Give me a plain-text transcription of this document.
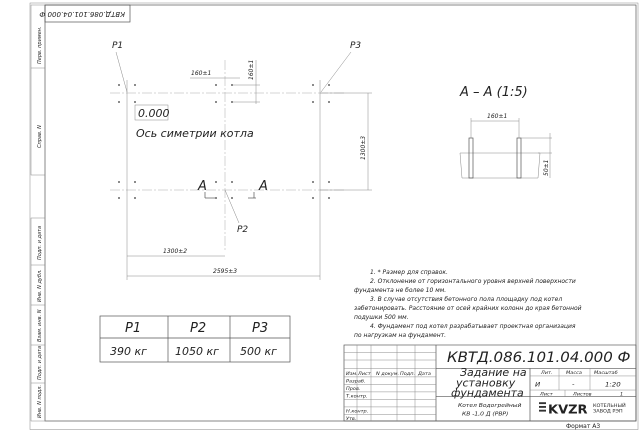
Перв. примен.
Справ. N
Подп. и дата
Инв. N дубл.
Взам. инв. N
Подп. и дата
Инв. N подл.
КВТД.086.101.04.000 Ф
0.000
Ось симетрии котла
P1	P3
P2
A	A
160±1	160±1
1300±3
1300±2
2595±3
А – А (1:5)
160±1
50±1
1. * Размер для справок.
2. Отклонение от горизонтального уровня верхней поверхности
фундамента не более 10 мм.
3. В случае отсутствия бетонного пола площадку под котел
забетонировать. Расстояние от осей крайних колонн до края бетонной
подушки 500 мм.
4. Фундамент под котел разрабатывает проектная организация
по нагрузкам на фундамент.
P1	P2	P3
390 кг	1050 кг 500 кг
Изм. Лист N докум. Подп. Дата
Разраб.
Пров.
Т.контр.
Н.контр.
Утв.
КВТД.086.101.04.000 Ф
Задание на
установку
фундамента
Котел Водогрейный
КВ -1,0 Д (РВР)
Лит.	Масса Масштаб
И	-	1:20
Лист	Листов	1
KVZR КОТЕЛЬНЫЙ
ЗАВОД РЭП
Формат А3
